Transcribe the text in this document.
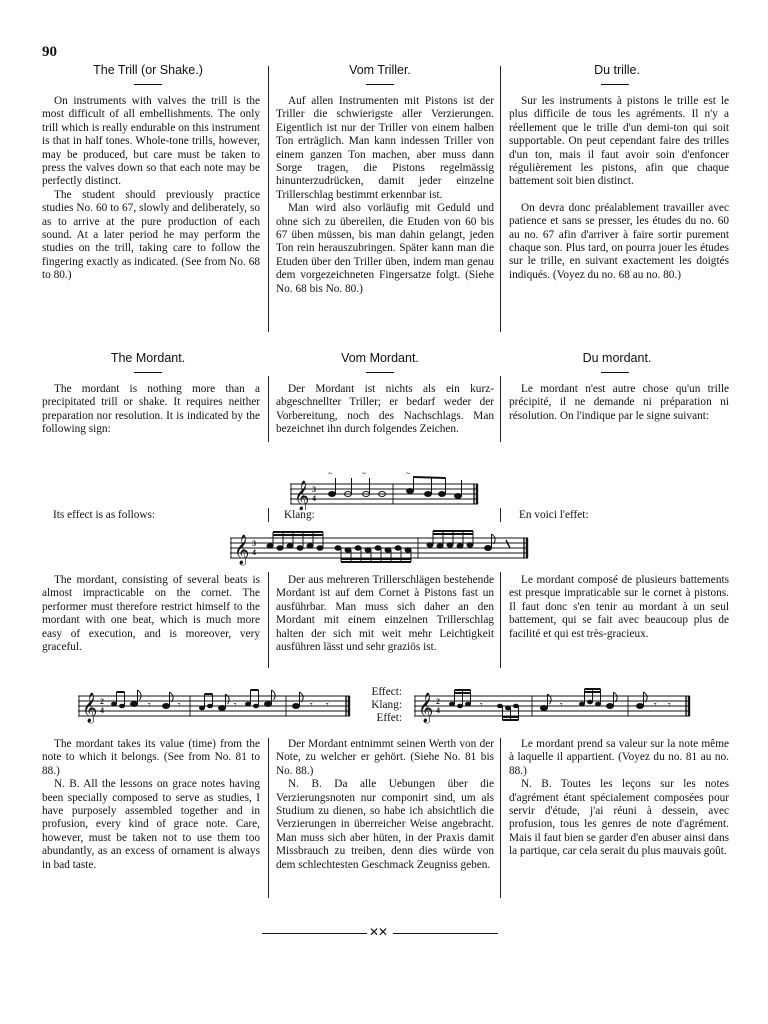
90
The Trill (or Shake.)	Vom Triller.	Du trille.

On instruments with valves the trill is the most difficult of all embellishments. The only trill which is really endurable on this instrument is that in half tones. Whole-tone trills, however, may be produced, but care must be taken to press the valves down so that each note may be perfectly distinct.

The student should previously practice studies No. 60 to 67, slowly and deliberately, so as to arrive at the pure production of each sound. At a later period he may perform the studies on the trill, taking care to follow the fingering exactly as indicated. (See from No. 68 to 80.)

Auf allen Instrumenten mit Pistons ist der Triller die schwierigste aller Verzierungen. Eigentlich ist nur der Triller von einem halben Ton erträglich. Man kann indessen Triller von einem ganzen Ton machen, aber muss dann Sorge tragen, die Pistons regelmässig hinunterzudrücken, damit jeder einzelne Trillerschlag bestimmt erkennbar ist.

Man wird also vorläufig mit Geduld und ohne sich zu übereilen, die Etuden von 60 bis 67 üben müssen, bis man dahin gelangt, jeden Ton rein herauszubringen. Später kann man die Etuden über den Triller üben, indem man genau dem vorgezeichneten Fingersatze folgt. (Siehe No. 68 bis No. 80.)

Sur les instruments à pistons le trille est le plus difficile de tous les agréments. Il n'y a réellement que le trille d'un demi-ton qui soit supportable. On peut cependant faire des trilles d'un ton, mais il faut avoir soin d'enfoncer régulièrement les pistons, afin que chaque battement soit bien distinct.

On devra donc préalablement travailler avec patience et sans se presser, les études du no. 60 au no. 67 afin d'arriver à faire sortir purement chaque son. Plus tard, on pourra jouer les études sur le trille, en suivant exactement les doigtés indiqués. (Voyez du no. 68 au no. 80.)

The Mordant.	Vom Mordant.	Du mordant.

The mordant is nothing more than a precipitated trill or shake. It requires neither preparation nor resolution. It is indicated by the following sign:

Der Mordant ist nichts als ein kurz-abgeschnellter Triller; er bedarf weder der Vorbereitung, noch des Nachschlags. Man bezeichnet ihn durch folgendes Zeichen.

Le mordant n'est autre chose qu'un trille précipité, il ne demande ni préparation ni résolution. On l'indique par le signe suivant:

𝄞 3
4
~	~	~
Its effect is as follows:	Klang:	En voici l'effet:
𝄞 3
4

The mordant, consisting of several beats is almost impracticable on the cornet. The performer must therefore restrict himself to the mordant with one beat, which is much more easy of execution, and is moreover, very graceful.

Der aus mehreren Trillerschlägen bestehende Mordant ist auf dem Cornet à Pistons fast un ausführbar. Man muss sich daher an den Mordant mit einem einzelnen Trillerschlag halten der sich mit weit mehr Leichtigkeit ausführen lässt und sehr graziös ist.

Le mordant composé de plusieurs battements est presque impraticable sur le cornet à pistons. Il faut donc s'en tenir au mordant à un seul battement, qui se fait avec beaucoup plus de facilité et qui est très-gracieux.

𝄞 2
4	𝄾	𝄾	𝄾	𝄾 𝄾
Effect:
Klang:
Effet: 𝄞 2
4	𝄾	𝄾	𝄾 𝄾

The mordant takes its value (time) from the note to which it belongs. (See from No. 81 to 88.)

N. B. All the lessons on grace notes having been specially composed to serve as studies, I have purposely assembled together and in profusion, every kind of grace note. Care, however, must be taken not to use them too abundantly, as an excess of ornament is always in bad taste.

Der Mordant entnimmt seinen Werth von der Note, zu welcher er gehört. (Siehe No. 81 bis No. 88.)

N. B. Da alle Uebungen über die Verzierungsnoten nur componirt sind, um als Studium zu dienen, so habe ich absichtlich die Verzierungen in überreicher Weise angebracht. Man muss sich aber hüten, in der Praxis damit Missbrauch zu treiben, denn dies würde von dem schlechtesten Geschmack Zeugniss geben.

Le mordant prend sa valeur sur la note même à laquelle il appartient. (Voyez du no. 81 au no. 88.)

N. B. Toutes les leçons sur les notes d'agrément étant spécialement composées pour servir d'étude, j'ai réuni à dessein, avec profusion, tous les genres de note d'agrément. Mais il faut bien se garder d'en abuser ainsi dans la partique, car cela serait du plus mauvais goût.

✕✕
